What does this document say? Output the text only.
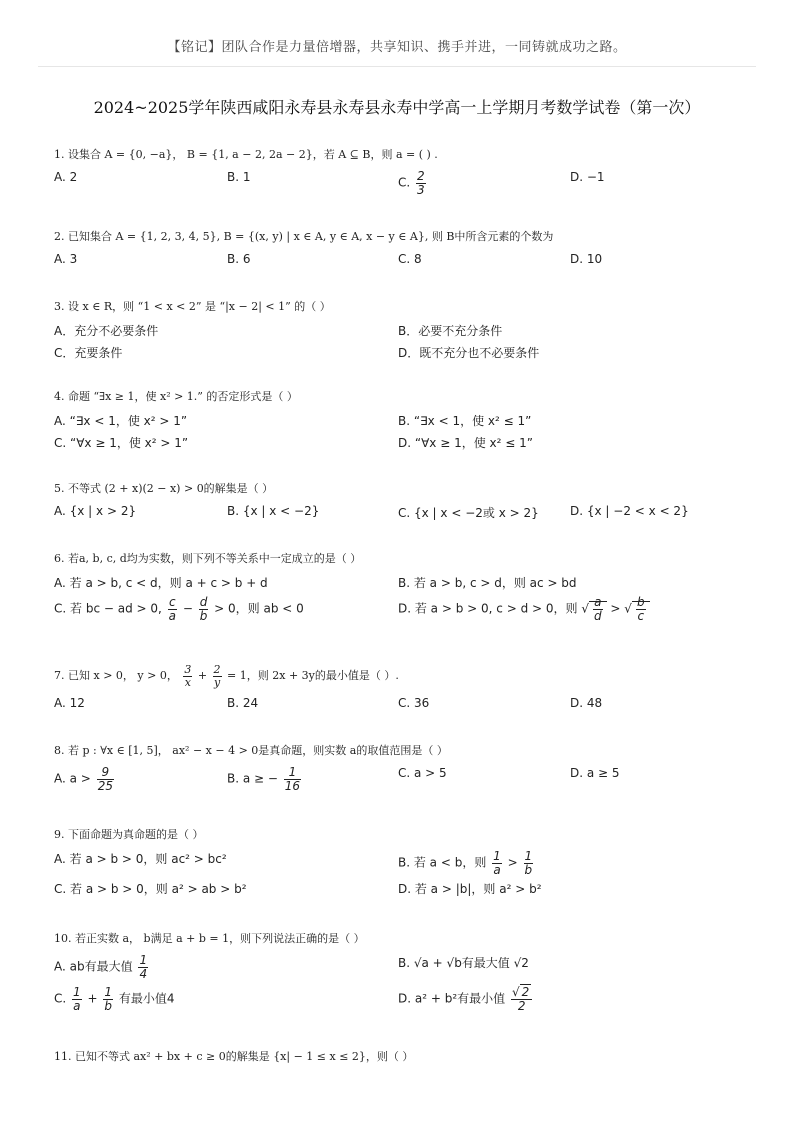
【铭记】团队合作是力量倍增器，共享知识、携手并进，一同铸就成功之路。
2024~2025学年陕西咸阳永寿县永寿县永寿中学高一上学期月考数学试卷（第一次）
1. 设集合 A = {0, −a}， B = {1, a − 2, 2a − 2}，若 A ⊆ B，则 a = ( ) .
A. 2	B. 1	C. $\frac{2}{3}$	D. −1
2. 已知集合 A = {1, 2, 3, 4, 5}, B = {(x, y) | x ∈ A, y ∈ A, x − y ∈ A}, 则 B中所含元素的个数为
A. 3	B. 6	C. 8	D. 10
3. 设 x ∈ R，则 “1 < x < 2” 是 “|x − 2| < 1” 的（ ）
A．充分不必要条件	B．必要不充分条件
C．充要条件	D．既不充分也不必要条件
4. 命题 “∃x ≥ 1，使 x² > 1.” 的否定形式是（ ）
A. “∃x < 1，使 x² > 1”	B. “∃x < 1，使 x² ≤ 1”
C. “∀x ≥ 1，使 x² > 1”	D. “∀x ≥ 1，使 x² ≤ 1”
5. 不等式 (2 + x)(2 − x) > 0的解集是（ ）
A. {x | x > 2}	B. {x | x < −2}	C. {x | x < −2或 x > 2}	D. {x | −2 < x < 2}
6. 若a, b, c, d均为实数，则下列不等关系中一定成立的是（ ）
A. 若 a > b, c < d，则 a + c > b + d	B. 若 a > b, c > d，则 ac > bd
C. 若 bc − ad > 0, $\frac{c}{a} - \frac{d}{b} > 0$，则 ab < 0	D. 若 a > b > 0, c > d > 0，则 √ $\frac{a}{d}$ > √ $\frac{b}{c}$
7. 已知 x > 0， y > 0， $\frac{3}{x} + \frac{2}{y} = 1$，则 2x + 3y的最小值是（ ）.
A. 12	B. 24	C. 36	D. 48
8. 若 p : ∀x ∈ [1, 5]， ax² − x − 4 > 0是真命题，则实数 a的取值范围是（ ）
A. $a > \frac{9}{25}$	B. a ≥ − $\frac{1}{16}$	C. a > 5	D. a ≥ 5
9. 下面命题为真命题的是（ ）
A. 若 a > b > 0，则 ac² > bc²	B. 若 a < b，则 $\frac{1}{a} > \frac{1}{b}$
C. 若 a > b > 0，则 a² > ab > b²	D. 若 a > |b|，则 a² > b²
10. 若正实数 a， b满足 a + b = 1，则下列说法正确的是（ ）
A. ab有最大值 $\frac{1}{4}$	B. √a + √b有最大值 √2
C. $\frac{1}{a} + \frac{1}{b}$ 有最小值4	D. a² + b²有最小值 $\frac{√ 2}{2}$
11. 已知不等式 ax² + bx + c ≥ 0的解集是 {x| − 1 ≤ x ≤ 2}，则（ ）
